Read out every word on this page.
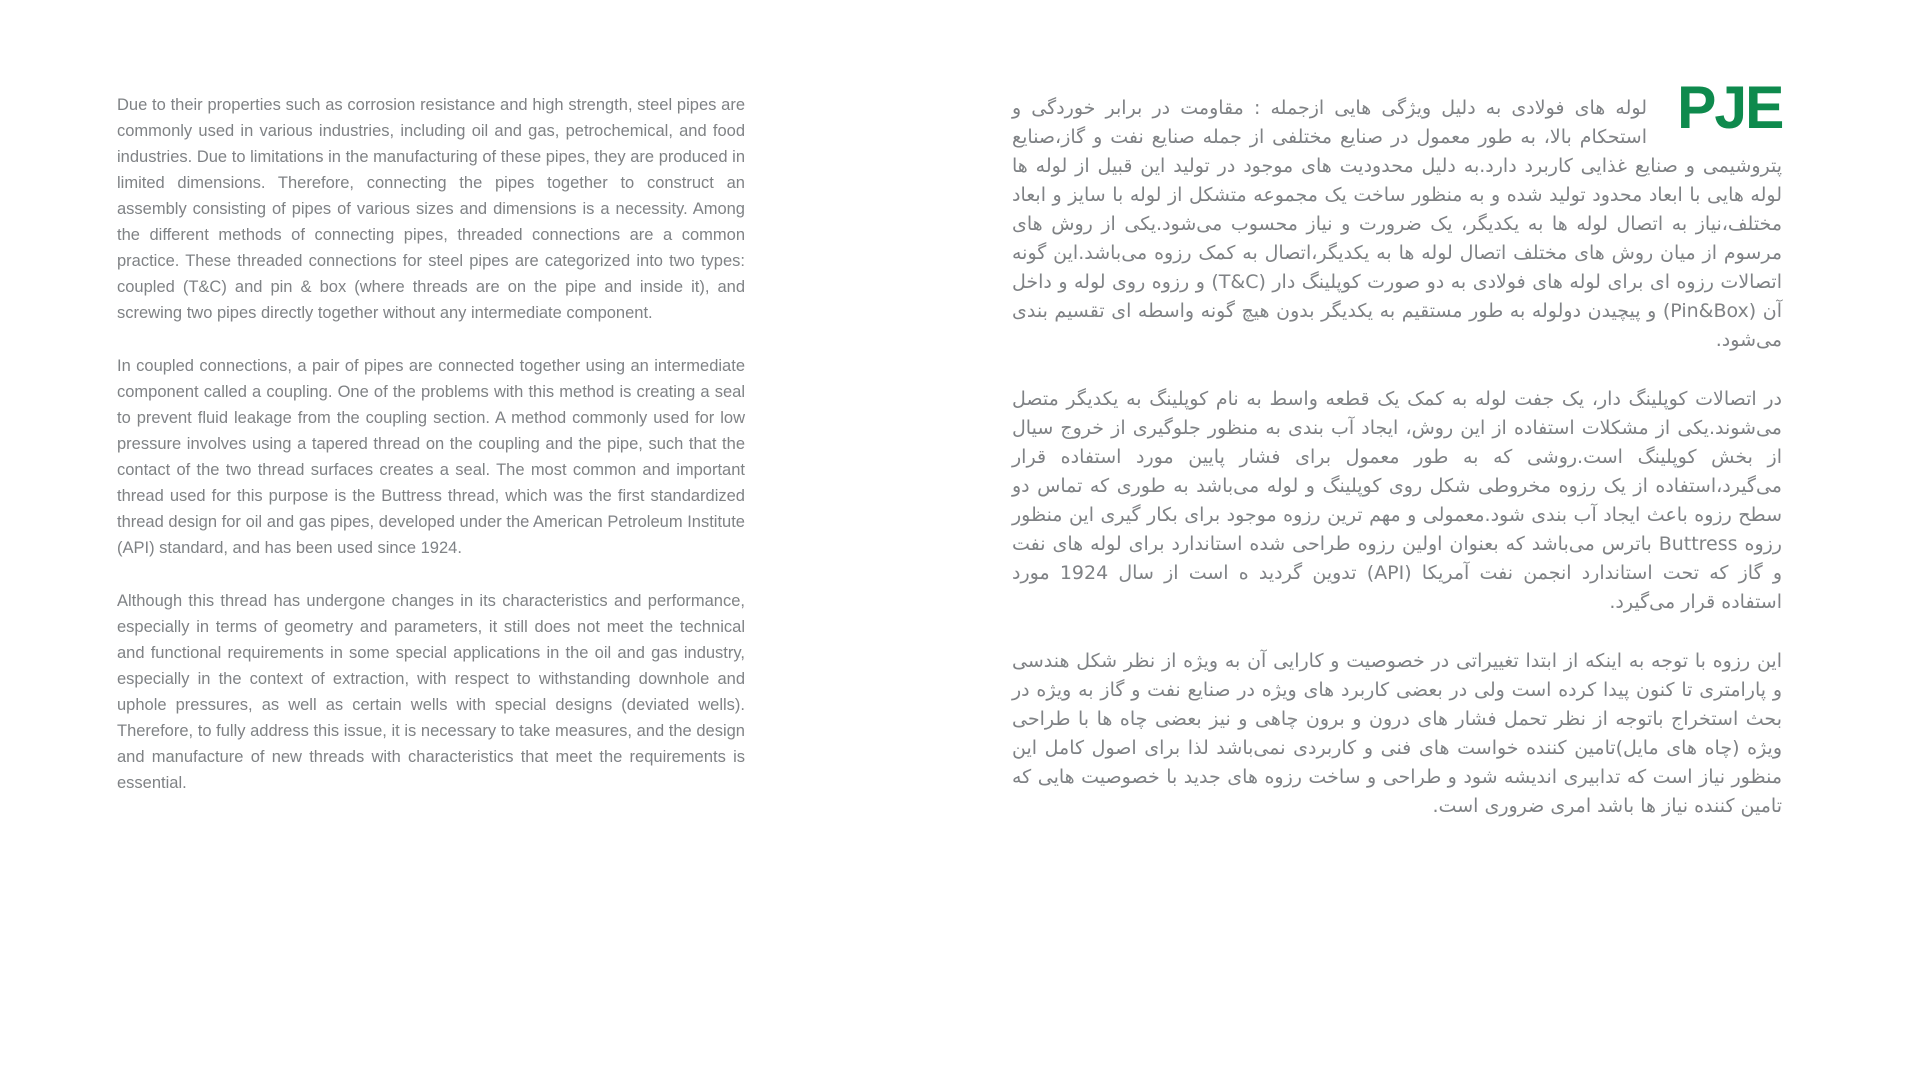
Due to their properties such as corrosion resistance and high strength, steel pipes are commonly used in various industries, including oil and gas, petrochemical, and food industries. Due to limitations in the manufacturing of these pipes, they are produced in limited dimensions. Therefore, connecting the pipes together to construct an assembly consisting of pipes of various sizes and dimensions is a necessity. Among the different methods of connecting pipes, threaded connections are a common practice. These threaded connections for steel pipes are categorized into two types: coupled (T&C) and pin & box (where threads are on the pipe and inside it), and screwing two pipes directly together without any intermediate component.

In coupled connections, a pair of pipes are connected together using an intermediate component called a coupling. One of the problems with this method is creating a seal to prevent fluid leakage from the coupling section. A method commonly used for low pressure involves using a tapered thread on the coupling and the pipe, such that the contact of the two thread surfaces creates a seal. The most common and important thread used for this purpose is the Buttress thread, which was the first standardized thread design for oil and gas pipes, developed under the American Petroleum Institute (API) standard, and has been used since 1924.

Although this thread has undergone changes in its characteristics and performance, especially in terms of geometry and parameters, it still does not meet the technical and functional requirements in some special applications in the oil and gas industry, especially in the context of extraction, with respect to withstanding downhole and uphole pressures, as well as certain wells with special designs (deviated wells). Therefore, to fully address this issue, it is necessary to take measures, and the design and manufacture of new threads with characteristics that meet the requirements is essential.

PJE

لوله های فولادی به دلیل ویژگی هایی ازجمله : مقاومت در برابر خوردگی و استحکام بالا، به طور معمول در صنایع مختلفی از جمله صنایع نفت و گاز،صنایع پتروشیمی و صنایع غذایی کاربرد دارد.به دلیل محدودیت های موجود در تولید این قبیل از لوله ها لوله هایی با ابعاد محدود تولید شده و به منظور ساخت یک مجموعه متشکل از لوله با سایز و ابعاد مختلف،نیاز به اتصال لوله ها به یکدیگر، یک ضرورت و نیاز محسوب می‌شود.یکی از روش های مرسوم از میان روش های مختلف اتصال لوله ها به یکدیگر،اتصال به کمک رزوه می‌باشد.این گونه اتصالات رزوه ای برای لوله های فولادی به دو صورت کوپلینگ دار (T&C) و رزوه روی لوله و داخل آن (Pin&Box) و پیچیدن دولوله به طور مستقیم به یکدیگر بدون هیچ گونه واسطه ای تقسیم بندی می‌شود.

در اتصالات کوپلینگ دار، یک جفت لوله به کمک یک قطعه واسط به نام کوپلینگ به یکدیگر متصل می‌شوند.یکی از مشکلات استفاده از این روش، ایجاد آب بندی به منظور جلوگیری از خروج سیال از بخش کوپلینگ است.روشی که به طور معمول برای فشار پایین مورد استفاده قرار می‌گیرد،استفاده از یک رزوه مخروطی شکل روی کوپلینگ و لوله می‌باشد به طوری که تماس دو سطح رزوه باعث ایجاد آب بندی شود.معمولی و مهم ترین رزوه موجود برای بکار گیری این منظور رزوه Buttress باترس می‌باشد که بعنوان اولین رزوه طراحی شده استاندارد برای لوله های نفت و گاز که تحت استاندارد انجمن نفت آمریکا (API) تدوین گردید ه است از سال 1924 مورد استفاده قرار می‌گیرد.

این رزوه با توجه به اینکه از ابتدا تغییراتی در خصوصیت و کارایی آن به ویژه از نظر شکل هندسی و پارامتری تا کنون پیدا کرده است ولی در بعضی کاربرد های ویژه در صنایع نفت و گاز به ویژه در بحث استخراج باتوجه از نظر تحمل فشار های درون و برون چاهی و نیز بعضی چاه ها با طراحی ویژه (چاه های مایل)تامین کننده خواست های فنی و کاربردی نمی‌باشد لذا برای اصول کامل این منظور نیاز است که تدابیری اندیشه شود و طراحی و ساخت رزوه های جدید با خصوصیت هایی که تامین کننده نیاز ها باشد امری ضروری است.
